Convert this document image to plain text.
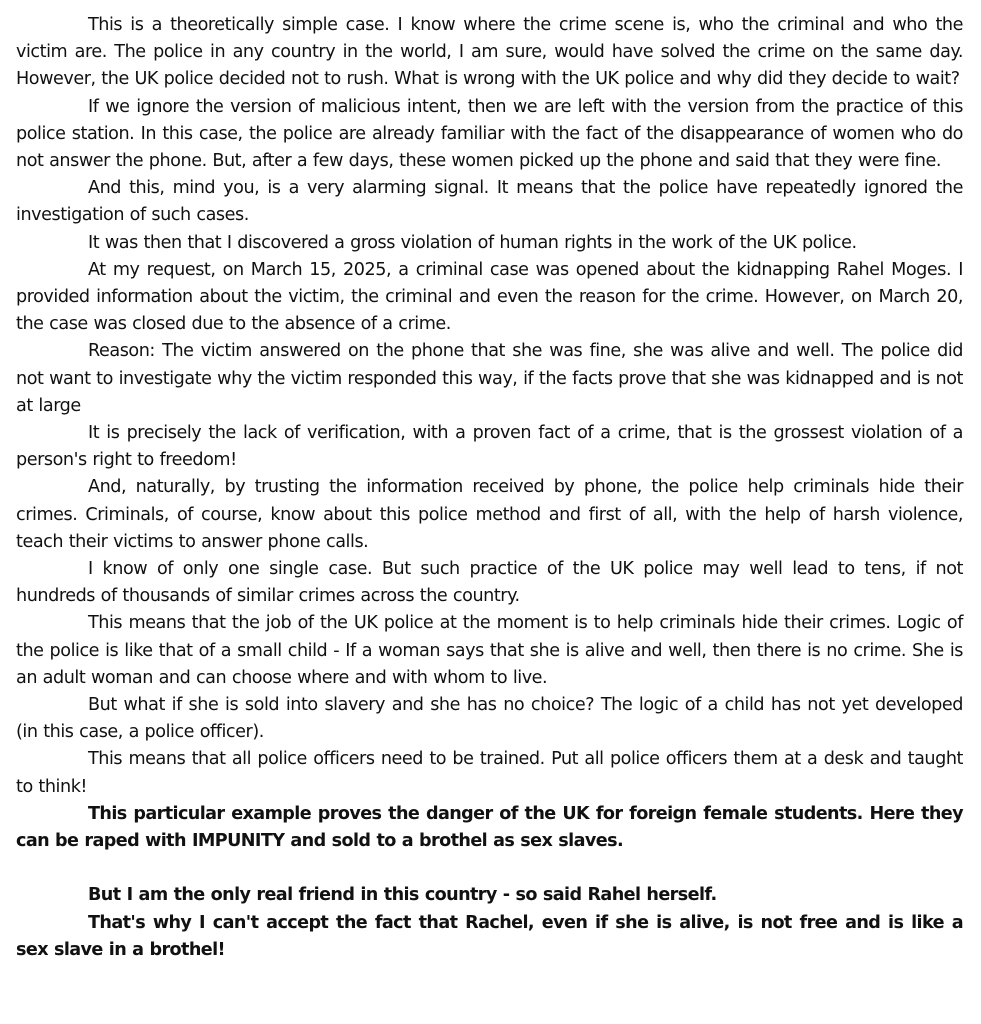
This is a theoretically simple case. I know where the crime scene is, who the criminal and who the victim are. The police in any country in the world, I am sure, would have solved the crime on the same day. However, the UK police decided not to rush. What is wrong with the UK police and why did they decide to wait?

If we ignore the version of malicious intent, then we are left with the version from the practice of this police station. In this case, the police are already familiar with the fact of the disappearance of women who do not answer the phone. But, after a few days, these women picked up the phone and said that they were fine.

And this, mind you, is a very alarming signal. It means that the police have repeatedly ignored the investigation of such cases.

It was then that I discovered a gross violation of human rights in the work of the UK police.

At my request, on March 15, 2025, a criminal case was opened about the kidnapping Rahel Moges. I provided information about the victim, the criminal and even the reason for the crime. However, on March 20, the case was closed due to the absence of a crime.

Reason: The victim answered on the phone that she was fine, she was alive and well. The police did not want to investigate why the victim responded this way, if the facts prove that she was kidnapped and is not at large

It is precisely the lack of verification, with a proven fact of a crime, that is the grossest violation of a person's right to freedom!

And, naturally, by trusting the information received by phone, the police help criminals hide their crimes. Criminals, of course, know about this police method and first of all, with the help of harsh violence, teach their victims to answer phone calls.

I know of only one single case. But such practice of the UK police may well lead to tens, if not hundreds of thousands of similar crimes across the country.

This means that the job of the UK police at the moment is to help criminals hide their crimes. Logic of the police is like that of a small child - If a woman says that she is alive and well, then there is no crime. She is an adult woman and can choose where and with whom to live.

But what if she is sold into slavery and she has no choice? The logic of a child has not yet developed (in this case, a police officer).

This means that all police officers need to be trained. Put all police officers them at a desk and taught to think!

This particular example proves the danger of the UK for foreign female students. Here they can be raped with IMPUNITY and sold to a brothel as sex slaves.

But I am the only real friend in this country - so said Rahel herself.

That's why I can't accept the fact that Rachel, even if she is alive, is not free and is like a sex slave in a brothel!
